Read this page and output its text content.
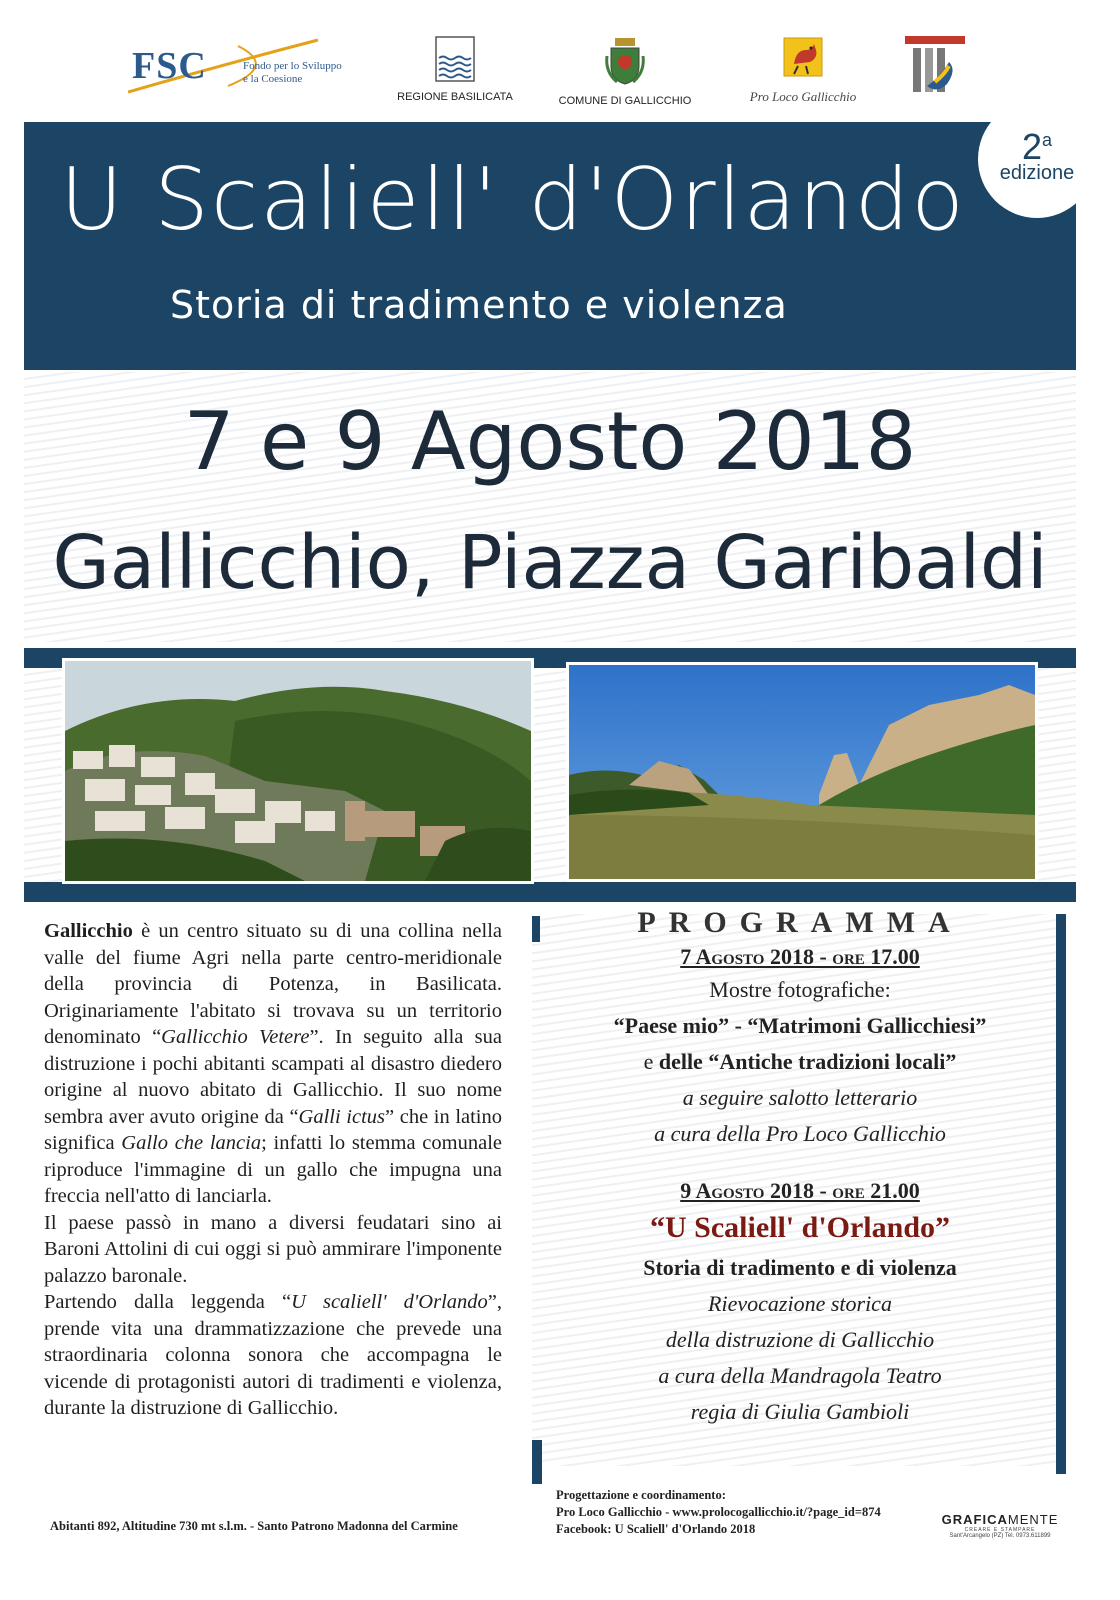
FSC	Fondo per lo Sviluppo
e la Coesione
REGIONE BASILICATA	COMUNE DI GALLICCHIO	Pro Loco Gallicchio
U Scaliell' d'Orlando
Storia di tradimento e violenza
2$^a$
edizione
7 e 9 Agosto 2018
Gallicchio, Piazza Garibaldi

Gallicchio è un centro situato su di una collina nella valle del fiume Agri nella parte centro-meridionale della provincia di Potenza, in Basilicata. Originariamente l'abitato si trovava su un territorio denominato “Gallicchio Vetere”. In seguito alla sua distruzione i pochi abitanti scampati al disastro diedero origine al nuovo abitato di Gallicchio. Il suo nome sembra aver avuto origine da “Galli ictus” che in latino significa Gallo che lancia; infatti lo stemma comunale riproduce l'immagine di un gallo che impugna una freccia nell'atto di lanciarla.

Il paese passò in mano a diversi feudatari sino ai Baroni Attolini di cui oggi si può ammirare l'imponente palazzo baronale.

Partendo dalla leggenda “U scaliell' d'Orlando”, prende vita una drammatizzazione che prevede una straordinaria colonna sonora che accompagna le vicende di protagonisti autori di tradimenti e violenza, durante la distruzione di Gallicchio.

PROGRAMMA
7 Agosto 2018 - ore 17.00
Mostre fotografiche:
“Paese mio” - “Matrimoni Gallicchiesi”
e delle “Antiche tradizioni locali”
a seguire salotto letterario
a cura della Pro Loco Gallicchio
9 Agosto 2018 - ore 21.00
“U Scaliell' d'Orlando”
Storia di tradimento e di violenza
Rievocazione storica
della distruzione di Gallicchio
a cura della Mandragola Teatro
regia di Giulia Gambioli
Abitanti 892, Altitudine 730 mt s.l.m. - Santo Patrono Madonna del Carmine
Progettazione e coordinamento:
Pro Loco Gallicchio - www.prolocogallicchio.it/?page_id=874
Facebook: U Scaliell' d'Orlando 2018
GRAFICAMENTE
CREARE E STAMPARE
Sant'Arcangelo (PZ) Tel. 0973.611899
